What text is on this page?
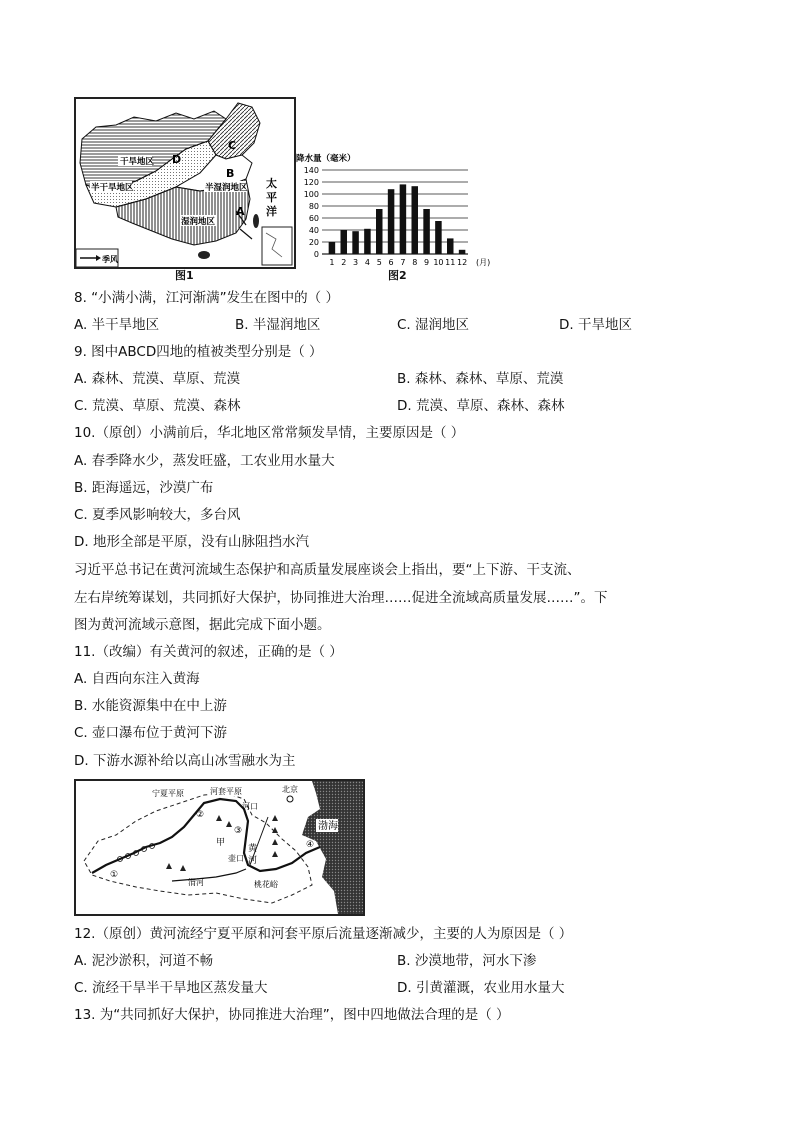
干旱地区
半干旱地区	半湿润地区
湿润地区
A
B
C
D
太
平
洋
季风
图1
降水量（毫米）
0
20
40
60
80
100
120
140
1 2 3 4 5 6 7 8 9 10 11 12 (月)
图2
8. “小满小满，江河渐满”发生在图中的（ ）
A. 半干旱地区	B. 半湿润地区	C. 湿润地区	D. 干旱地区
9. 图中ABCD四地的植被类型分别是（ ）
A. 森林、荒漠、草原、荒漠	B. 森林、森林、草原、荒漠
C. 荒漠、草原、荒漠、森林	D. 荒漠、草原、森林、森林
10.（原创）小满前后，华北地区常常频发旱情，主要原因是（ ）
A. 春季降水少，蒸发旺盛，工农业用水量大
B. 距海遥远，沙漠广布
C. 夏季风影响较大，多台风
D. 地形全部是平原，没有山脉阻挡水汽
习近平总书记在黄河流域生态保护和高质量发展座谈会上指出，要“上下游、干支流、
左右岸统筹谋划，共同抓好大保护，协同推进大治理……促进全流域高质量发展……”。下
图为黄河流域示意图，据此完成下面小题。
11.（改编）有关黄河的叙述，正确的是（ ）
A. 自西向东注入黄海
B. 水能资源集中在中上游
C. 壶口瀑布位于黄河下游
D. 下游水源补给以高山冰雪融水为主
宁夏平原	河套平原
河口
北京
渤海
甲
壶口
渭河	桃花峪
黄
河
①
②
③
④
12.（原创）黄河流经宁夏平原和河套平原后流量逐渐减少，主要的人为原因是（ ）
A. 泥沙淤积，河道不畅	B. 沙漠地带，河水下渗
C. 流经干旱半干旱地区蒸发量大	D. 引黄灌溉，农业用水量大
13. 为“共同抓好大保护，协同推进大治理”，图中四地做法合理的是（ ）
